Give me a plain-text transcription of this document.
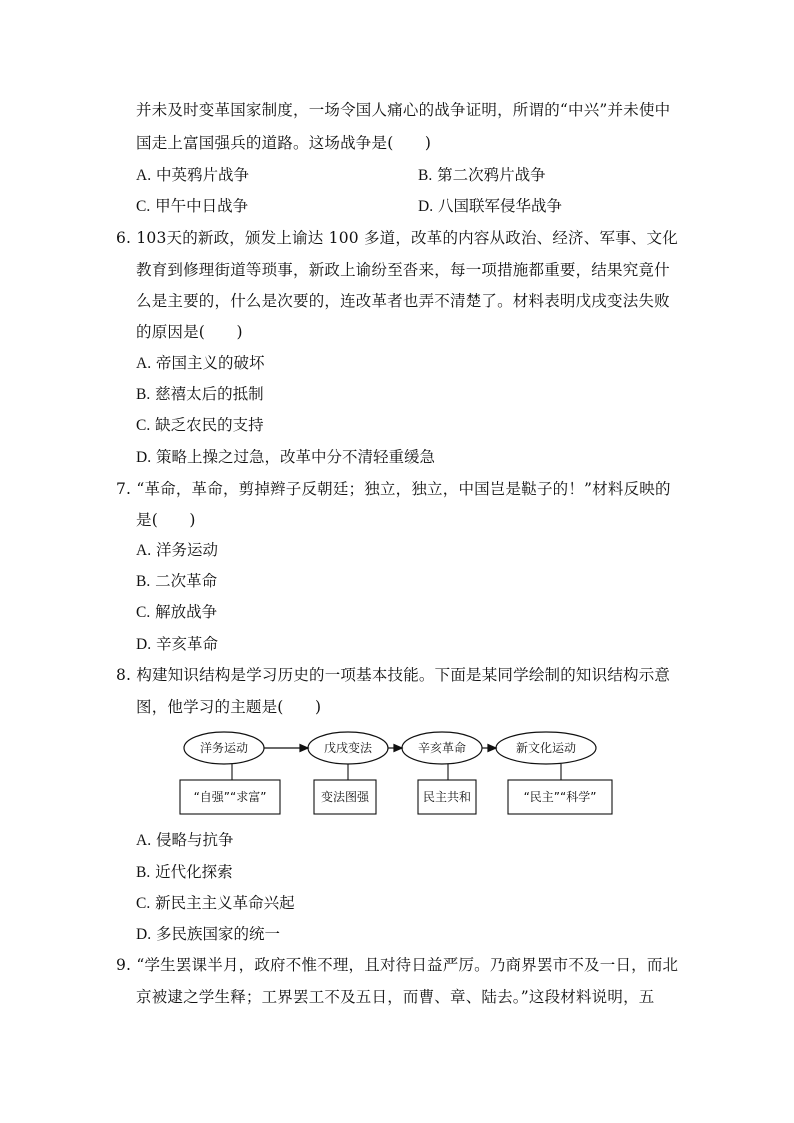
并未及时变革国家制度，一场令国人痛心的战争证明，所谓的“中兴”并未使中
国走上富国强兵的道路。这场战争是(　　)
A. 中英鸦片战争	B. 第二次鸦片战争
C. 甲午中日战争	D. 八国联军侵华战争
6. 103天的新政，颁发上谕达 100 多道，改革的内容从政治、经济、军事、文化
教育到修理街道等琐事，新政上谕纷至沓来，每一项措施都重要，结果究竟什
么是主要的，什么是次要的，连改革者也弄不清楚了。材料表明戊戌变法失败
的原因是(　　)
A. 帝国主义的破坏
B. 慈禧太后的抵制
C. 缺乏农民的支持
D. 策略上操之过急，改革中分不清轻重缓急
7. “革命，革命，剪掉辫子反朝廷；独立，独立，中国岂是鞑子的！”材料反映的
是(　　)
A. 洋务运动
B. 二次革命
C. 解放战争
D. 辛亥革命
8. 构建知识结构是学习历史的一项基本技能。下面是某同学绘制的知识结构示意
图，他学习的主题是(　　)
洋务运动	戊戌变法	辛亥革命	新文化运动
“自强”“求富”	变法图强	民主共和	“民主”“科学”
A. 侵略与抗争
B. 近代化探索
C. 新民主主义革命兴起
D. 多民族国家的统一
9. “学生罢课半月，政府不惟不理，且对待日益严厉。乃商界罢市不及一日，而北
京被逮之学生释；工界罢工不及五日，而曹、章、陆去。”这段材料说明，五
